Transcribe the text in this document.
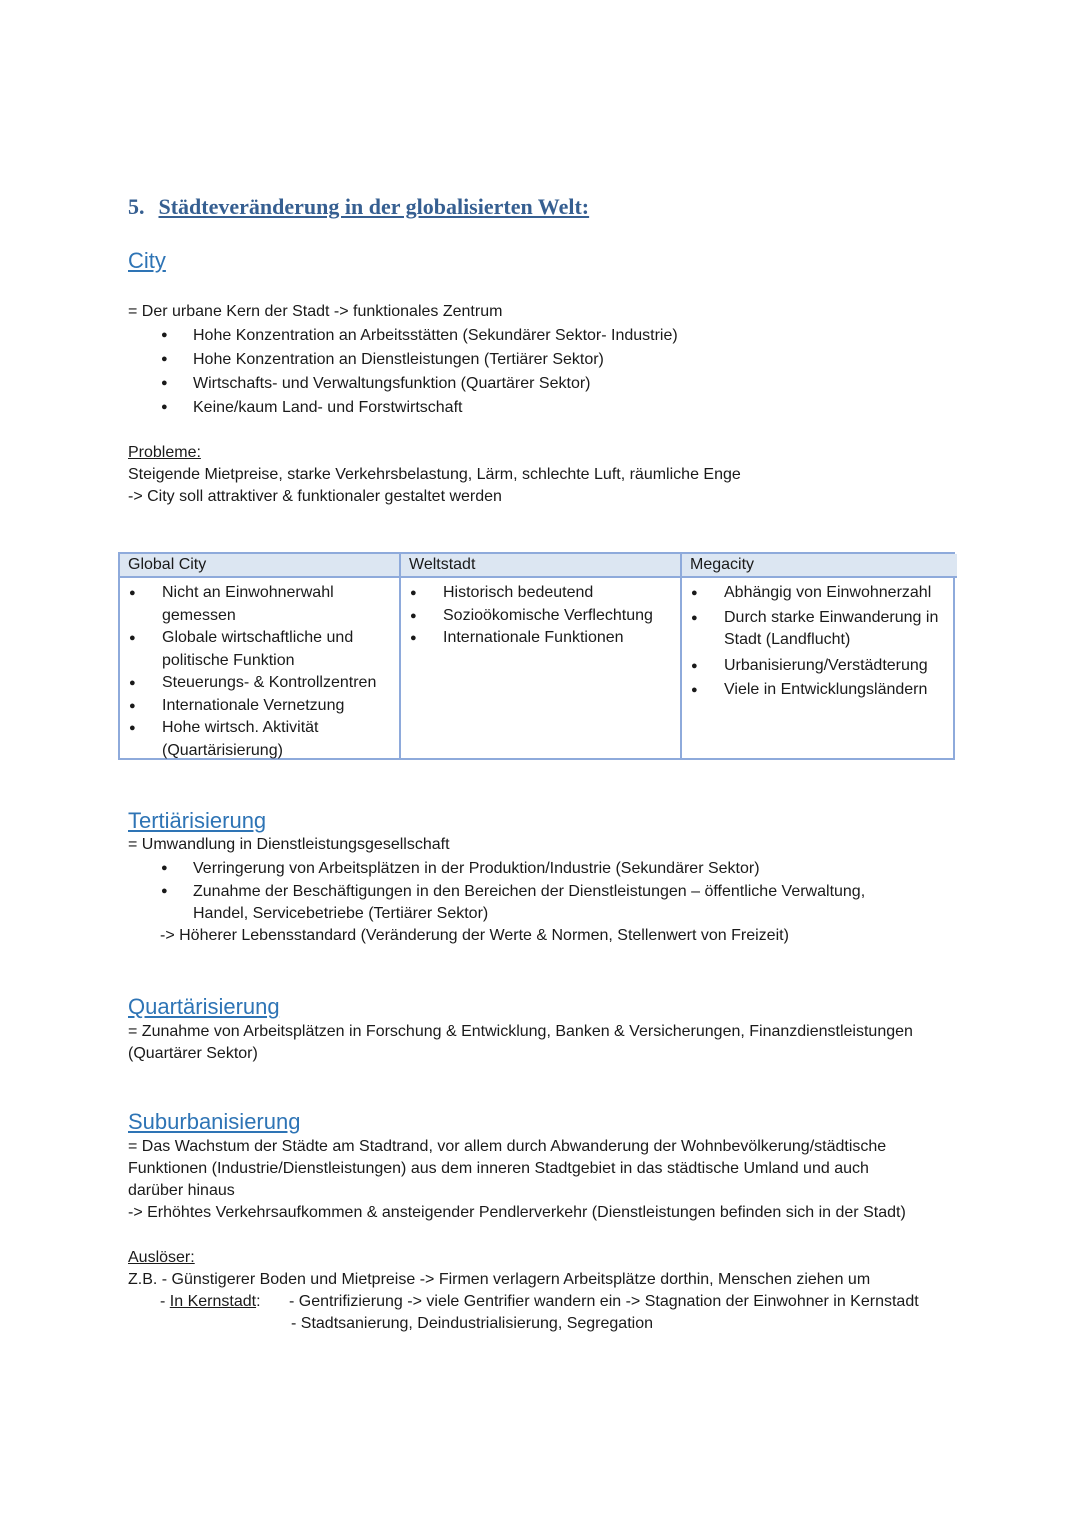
5. Städteveränderung in der globalisierten Welt:
City
= Der urbane Kern der Stadt -> funktionales Zentrum
● Hohe Konzentration an Arbeitsstätten (Sekundärer Sektor- Industrie)
● Hohe Konzentration an Dienstleistungen (Tertiärer Sektor)
● Wirtschafts- und Verwaltungsfunktion (Quartärer Sektor)
● Keine/kaum Land- und Forstwirtschaft
Probleme:
Steigende Mietpreise, starke Verkehrsbelastung, Lärm, schlechte Luft, räumliche Enge
-> City soll attraktiver & funktionaler gestaltet werden
Global City
● Nicht an Einwohnerwahl gemessen
● Globale wirtschaftliche und politische Funktion
● Steuerungs- & Kontrollzentren
● Internationale Vernetzung
● Hohe wirtsch. Aktivität (Quartärisierung)
Weltstadt
● Historisch bedeutend
● Sozioökomische Verflechtung
● Internationale Funktionen
Megacity
● Abhängig von Einwohnerzahl
● Durch starke Einwanderung in Stadt (Landflucht)
● Urbanisierung/Verstädterung
● Viele in Entwicklungsländern
Tertiärisierung
= Umwandlung in Dienstleistungsgesellschaft
● Verringerung von Arbeitsplätzen in der Produktion/Industrie (Sekundärer Sektor)
● Zunahme der Beschäftigungen in den Bereichen der Dienstleistungen – öffentliche Verwaltung,
Handel, Servicebetriebe (Tertiärer Sektor)
-> Höherer Lebensstandard (Veränderung der Werte & Normen, Stellenwert von Freizeit)
Quartärisierung
= Zunahme von Arbeitsplätzen in Forschung & Entwicklung, Banken & Versicherungen, Finanzdienstleistungen
(Quartärer Sektor)
Suburbanisierung
= Das Wachstum der Städte am Stadtrand, vor allem durch Abwanderung der Wohnbevölkerung/städtische
Funktionen (Industrie/Dienstleistungen) aus dem inneren Stadtgebiet in das städtische Umland und auch
darüber hinaus
-> Erhöhtes Verkehrsaufkommen & ansteigender Pendlerverkehr (Dienstleistungen befinden sich in der Stadt)
Auslöser:
Z.B. - Günstigerer Boden und Mietpreise -> Firmen verlagern Arbeitsplätze dorthin, Menschen ziehen um
- In Kernstadt: - Gentrifizierung -> viele Gentrifier wandern ein -> Stagnation der Einwohner in Kernstadt
- Stadtsanierung, Deindustrialisierung, Segregation
